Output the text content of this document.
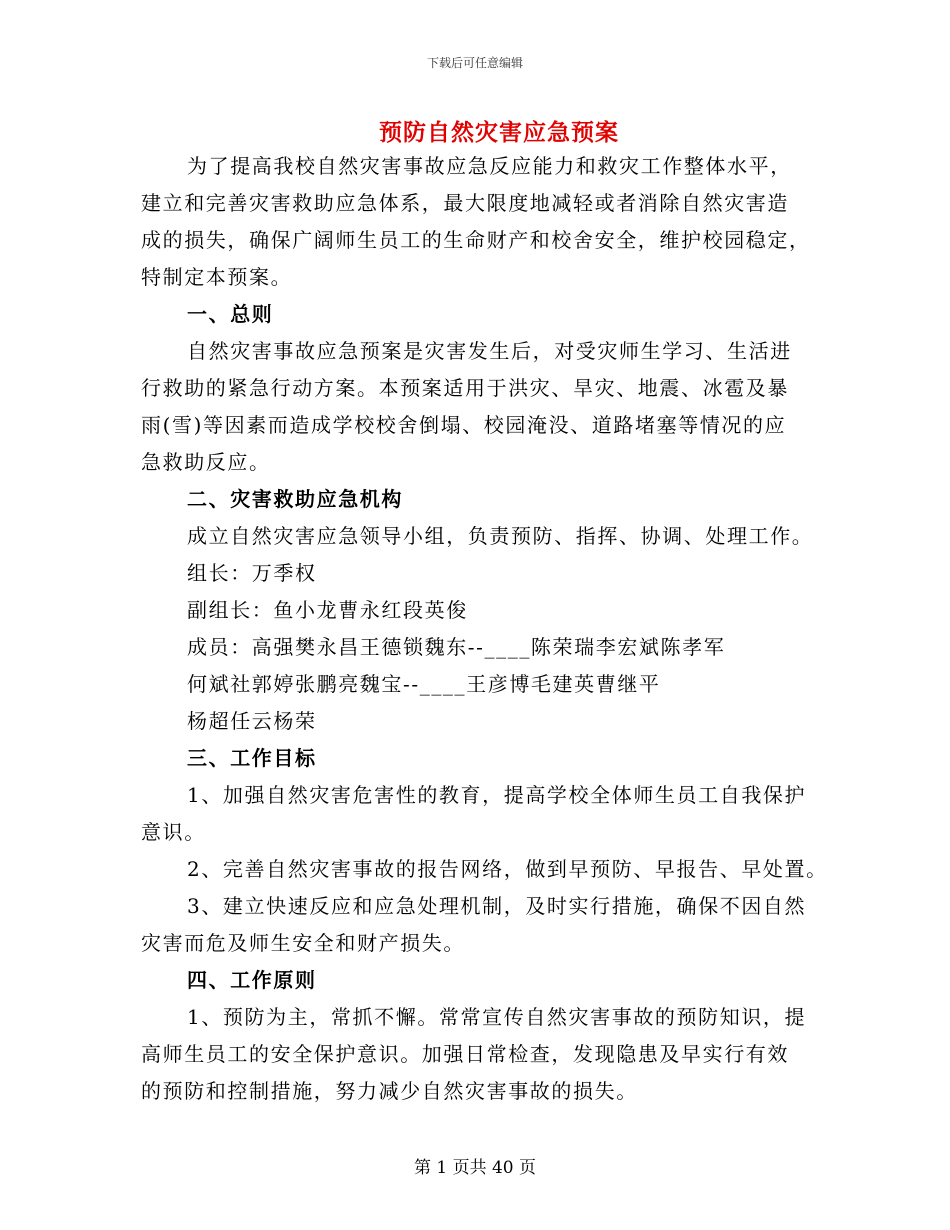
下载后可任意编辑
预防自然灾害应急预案
为了提高我校自然灾害事故应急反应能力和救灾工作整体水平，
建立和完善灾害救助应急体系，最大限度地减轻或者消除自然灾害造
成的损失，确保广阔师生员工的生命财产和校舍安全，维护校园稳定，
特制定本预案。
一、总则
自然灾害事故应急预案是灾害发生后，对受灾师生学习、生活进
行救助的紧急行动方案。本预案适用于洪灾、旱灾、地震、冰雹及暴
雨(雪)等因素而造成学校校舍倒塌、校园淹没、道路堵塞等情况的应
急救助反应。
二、灾害救助应急机构
成立自然灾害应急领导小组，负责预防、指挥、协调、处理工作。
组长：万季权
副组长：鱼小龙曹永红段英俊
成员：高强樊永昌王德锁魏东--____陈荣瑞李宏斌陈孝军
何斌社郭婷张鹏亮魏宝--____王彦博毛建英曹继平
杨超任云杨荣
三、工作目标
1、加强自然灾害危害性的教育，提高学校全体师生员工自我保护
意识。
2、完善自然灾害事故的报告网络，做到早预防、早报告、早处置。
3、建立快速反应和应急处理机制，及时实行措施，确保不因自然
灾害而危及师生安全和财产损失。
四、工作原则
1、预防为主，常抓不懈。常常宣传自然灾害事故的预防知识，提
高师生员工的安全保护意识。加强日常检查，发现隐患及早实行有效
的预防和控制措施，努力减少自然灾害事故的损失。
第 1 页共 40 页
